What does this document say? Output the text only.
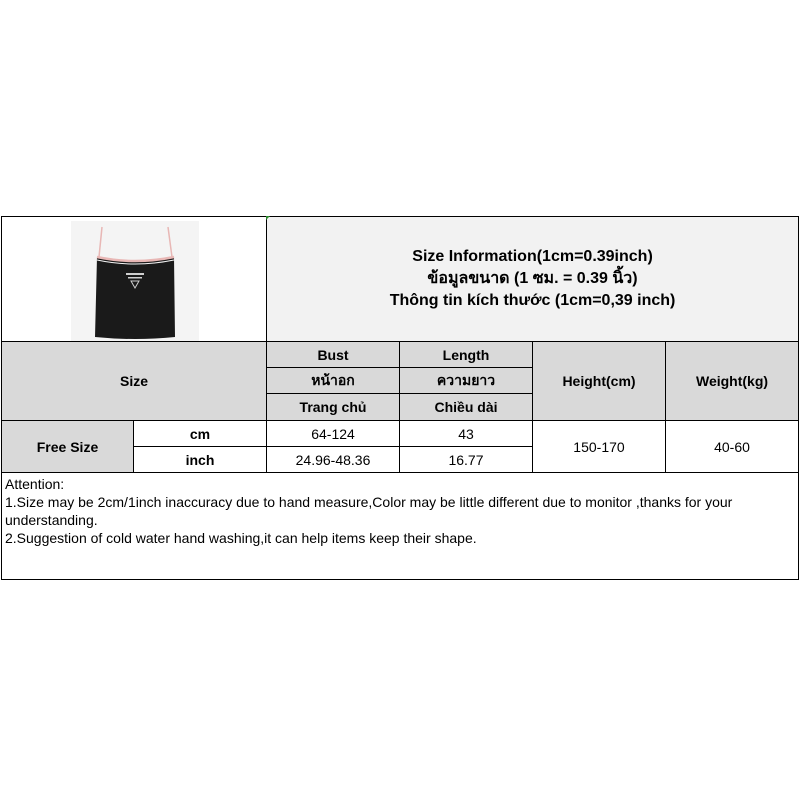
Size Information(1cm=0.39inch)
ข้อมูลขนาด (1 ซม. = 0.39 นิ้ว)
Thông tin kích thước (1cm=0,39 inch)			

Size		Bust	Length	Height(cm)	Weight(kg)
		หน้าอก	ความยาว		
		Trang chủ	Chiều dài		
Free Size	cm	64-124	43	150-170	40-60
	inch	24.96-48.36	16.77		

Attention:
1.Size may be 2cm/1inch inaccuracy due to hand measure,Color may be little different due to monitor ,thanks for your understanding.
2.Suggestion of cold water hand washing,it can help items keep their shape.					
